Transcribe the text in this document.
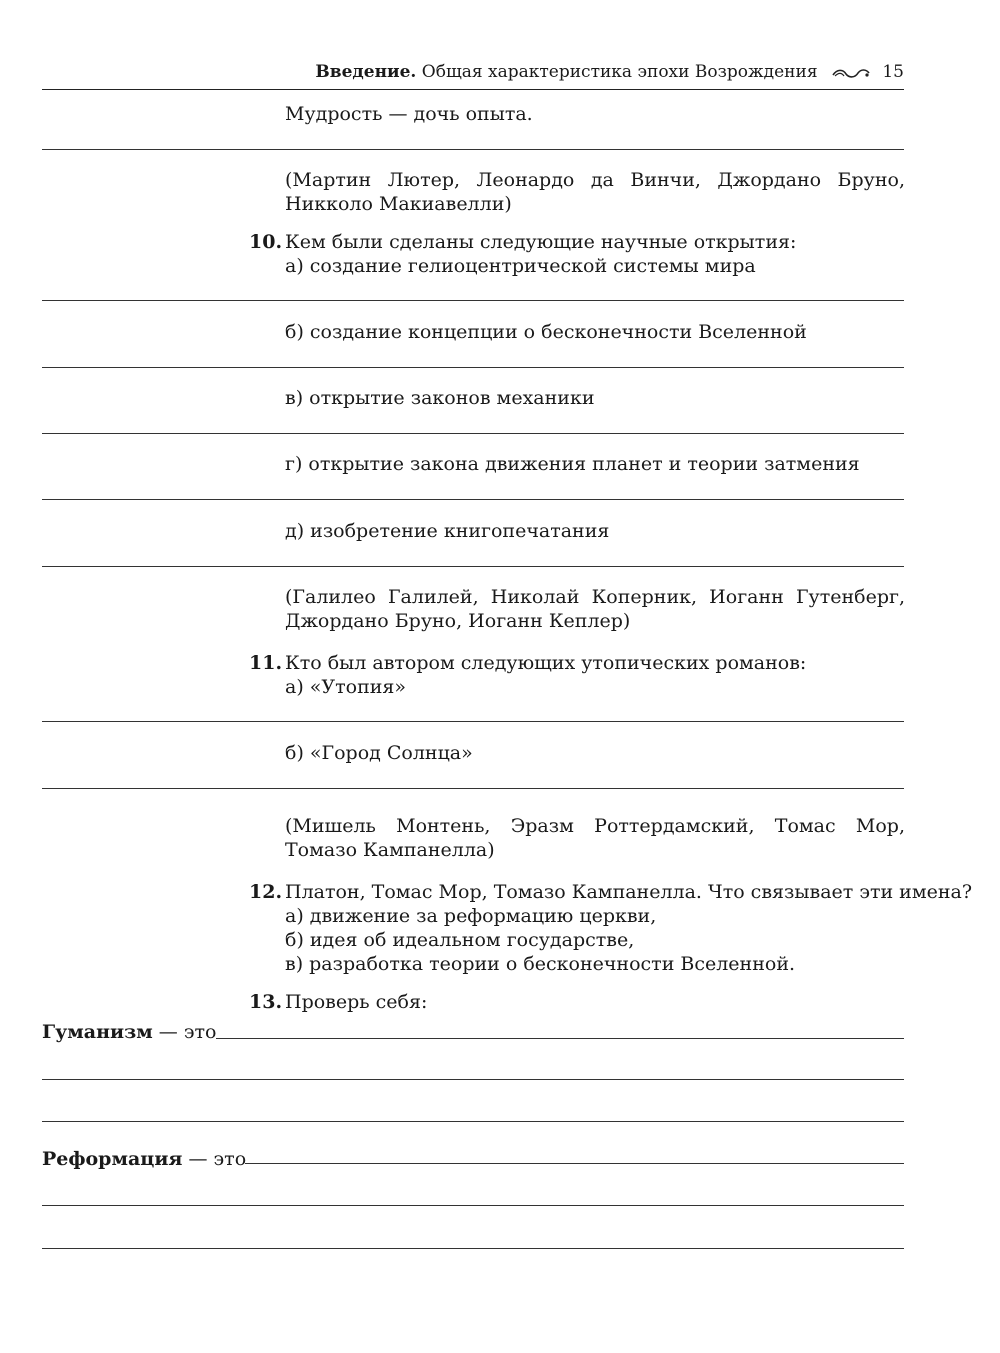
Введение. Общая характеристика эпохи Возрождения	15
Мудрость — дочь опыта.
(Мартин Лютер, Леонардо да Винчи, Джордано Бруно, Никколо Макиавелли)
10. Кем были сделаны следующие научные открытия:
а) создание гелиоцентрической системы мира
б) создание концепции о бесконечности Вселенной
в) открытие законов механики
г) открытие закона движения планет и теории затмения
д) изобретение книгопечатания
(Галилео Галилей, Николай Коперник, Иоганн Гутенберг, Джордано Бруно, Иоганн Кеплер)
11. Кто был автором следующих утопических романов:
а) «Утопия»
б) «Город Солнца»
(Мишель Монтень, Эразм Роттердамский, Томас Мор, Томазо Кампанелла)
12. Платон, Томас Мор, Томазо Кампанелла. Что связывает эти имена?
а) движение за реформацию церкви,
б) идея об идеальном государстве,
в) разработка теории о бесконечности Вселенной.
13. Проверь себя:
Гуманизм — это
Реформация — это
